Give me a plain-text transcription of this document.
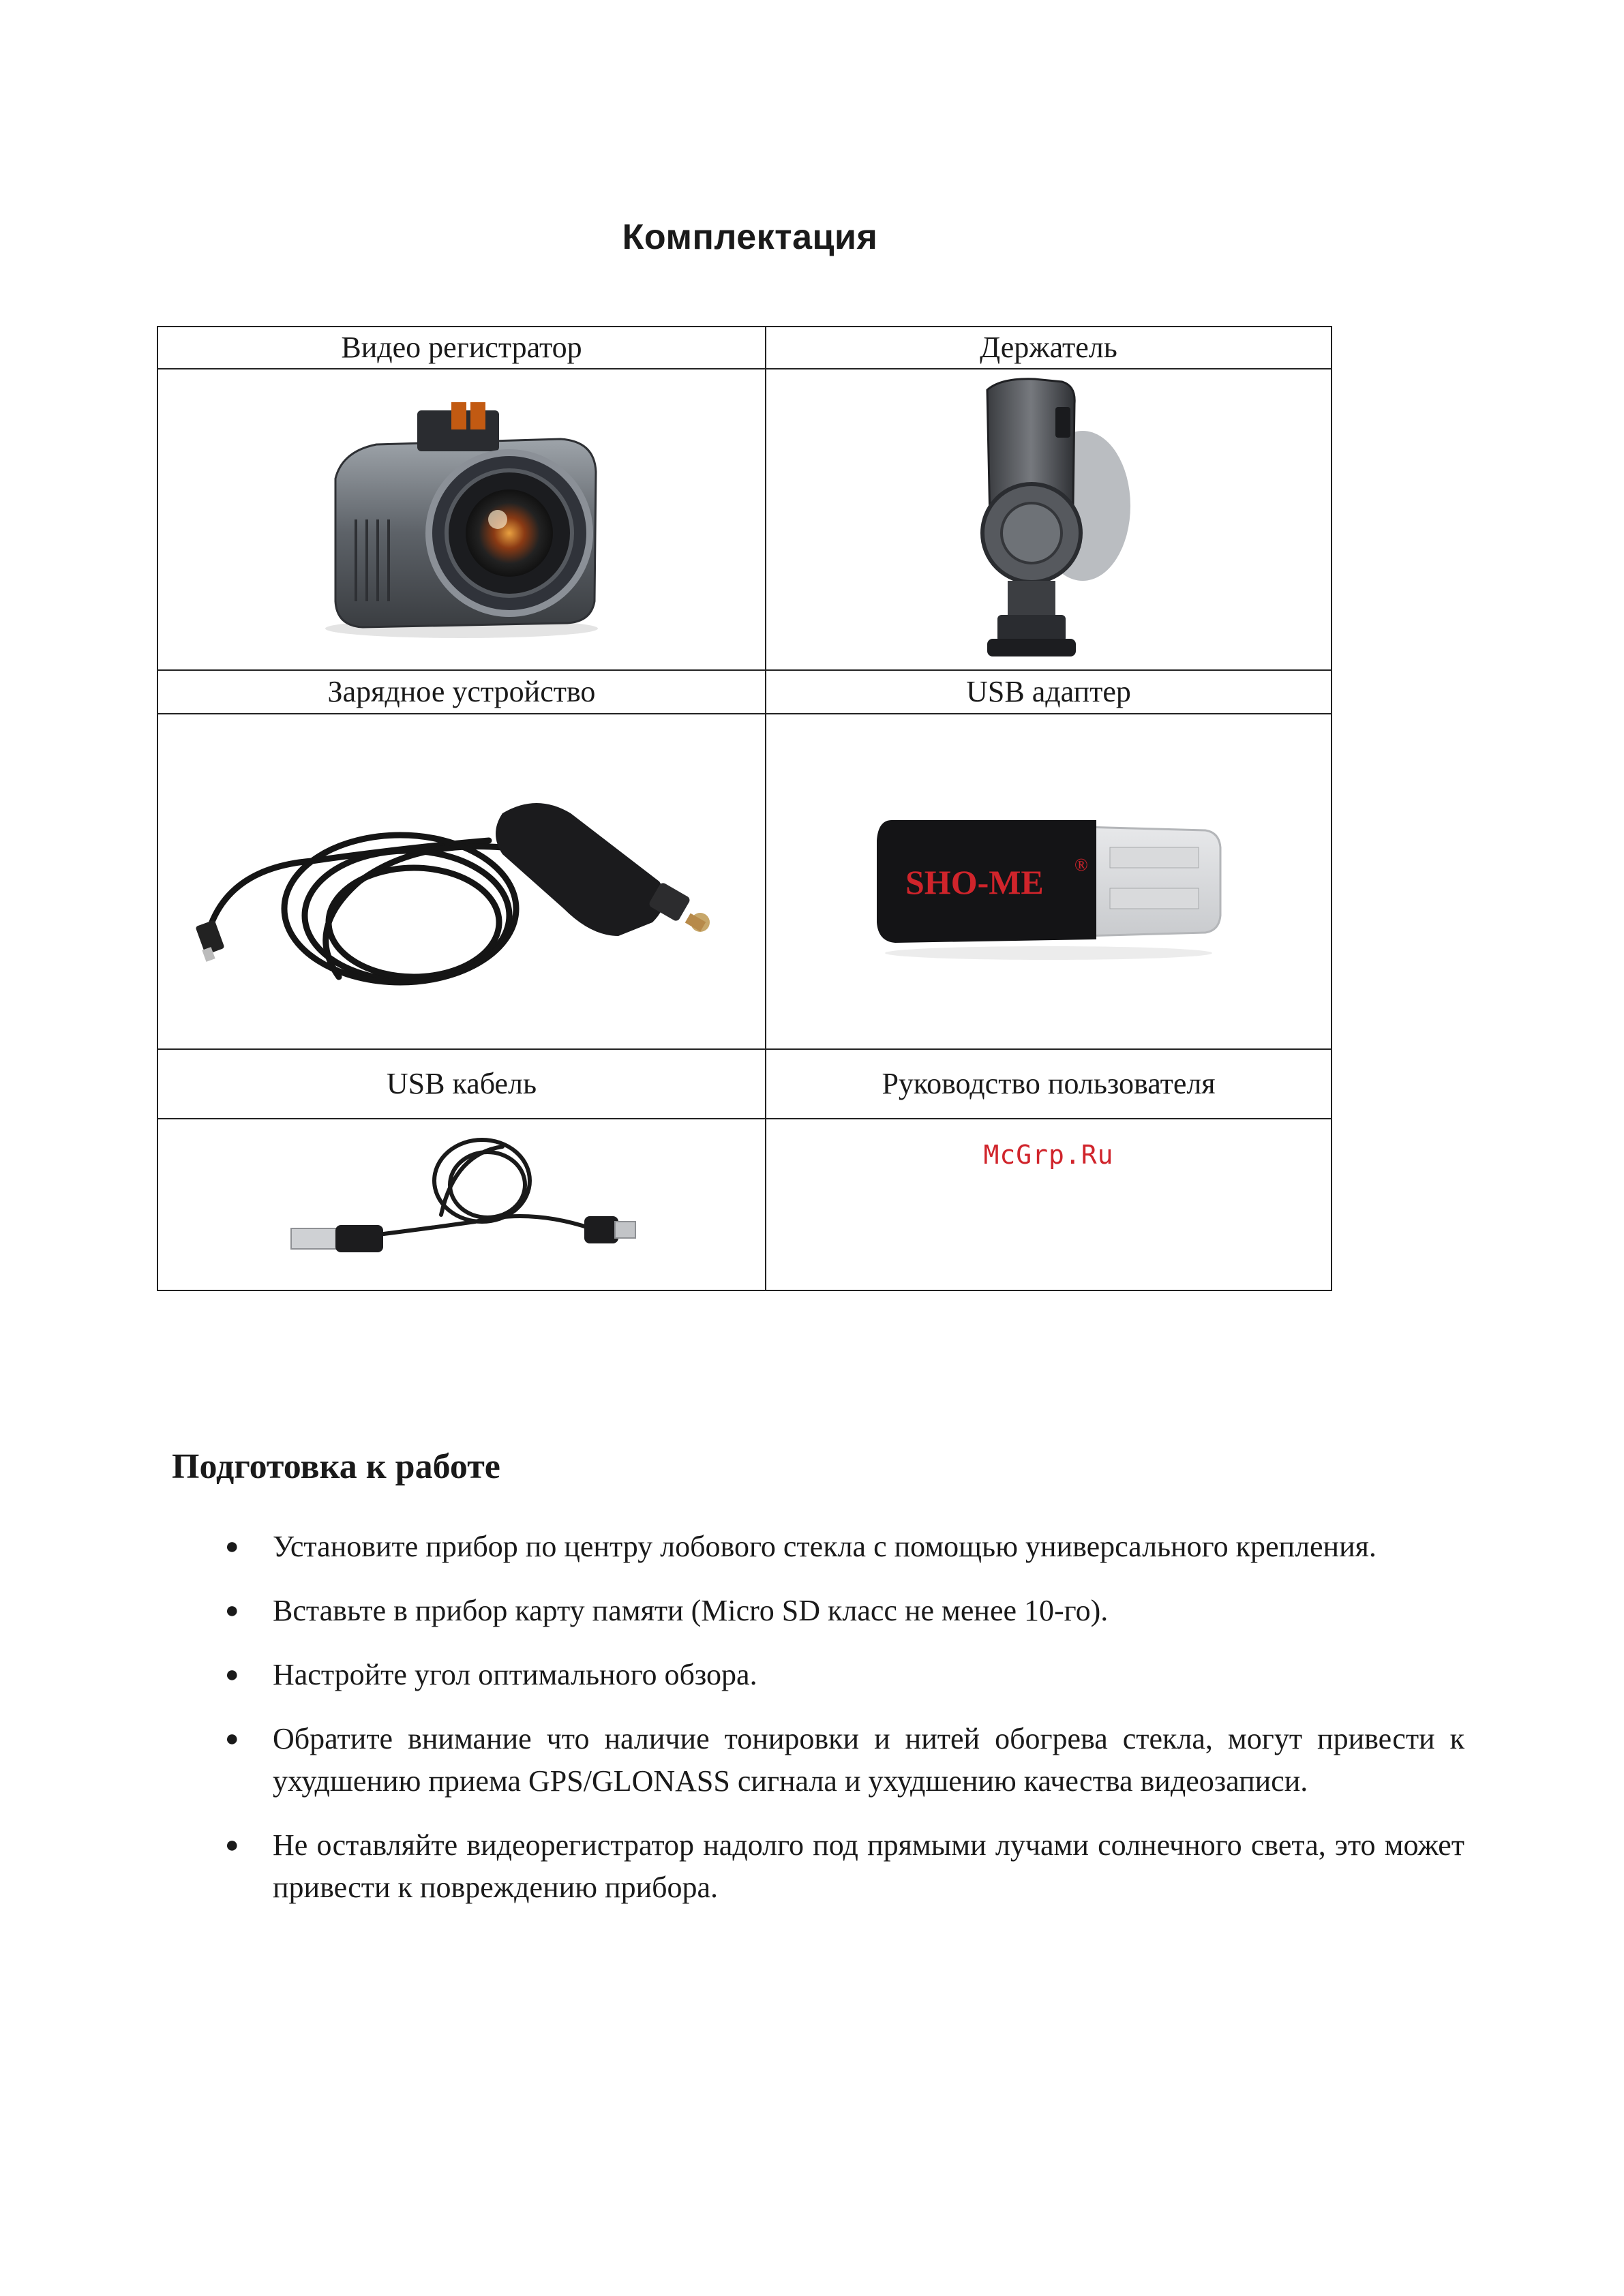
Комплектация
Видео регистратор	Держатель

Зарядное устройство	USB адаптер

SHO-ME ®

USB кабель	Руководство пользователя

McGrp.Ru
Подготовка к работе
● Установите прибор по центру лобового стекла с помощью универсального крепления.
● Вставьте в прибор карту памяти (Micro SD класс не менее 10-го).
● Настройте угол оптимального обзора.
● Обратите внимание что наличие тонировки и нитей обогрева стекла, могут привести к ухудшению приема GPS/GLONASS сигнала и ухудшению качества видеозаписи.
● Не оставляйте видеорегистратор надолго под прямыми лучами солнечного света, это может привести к повреждению прибора.
